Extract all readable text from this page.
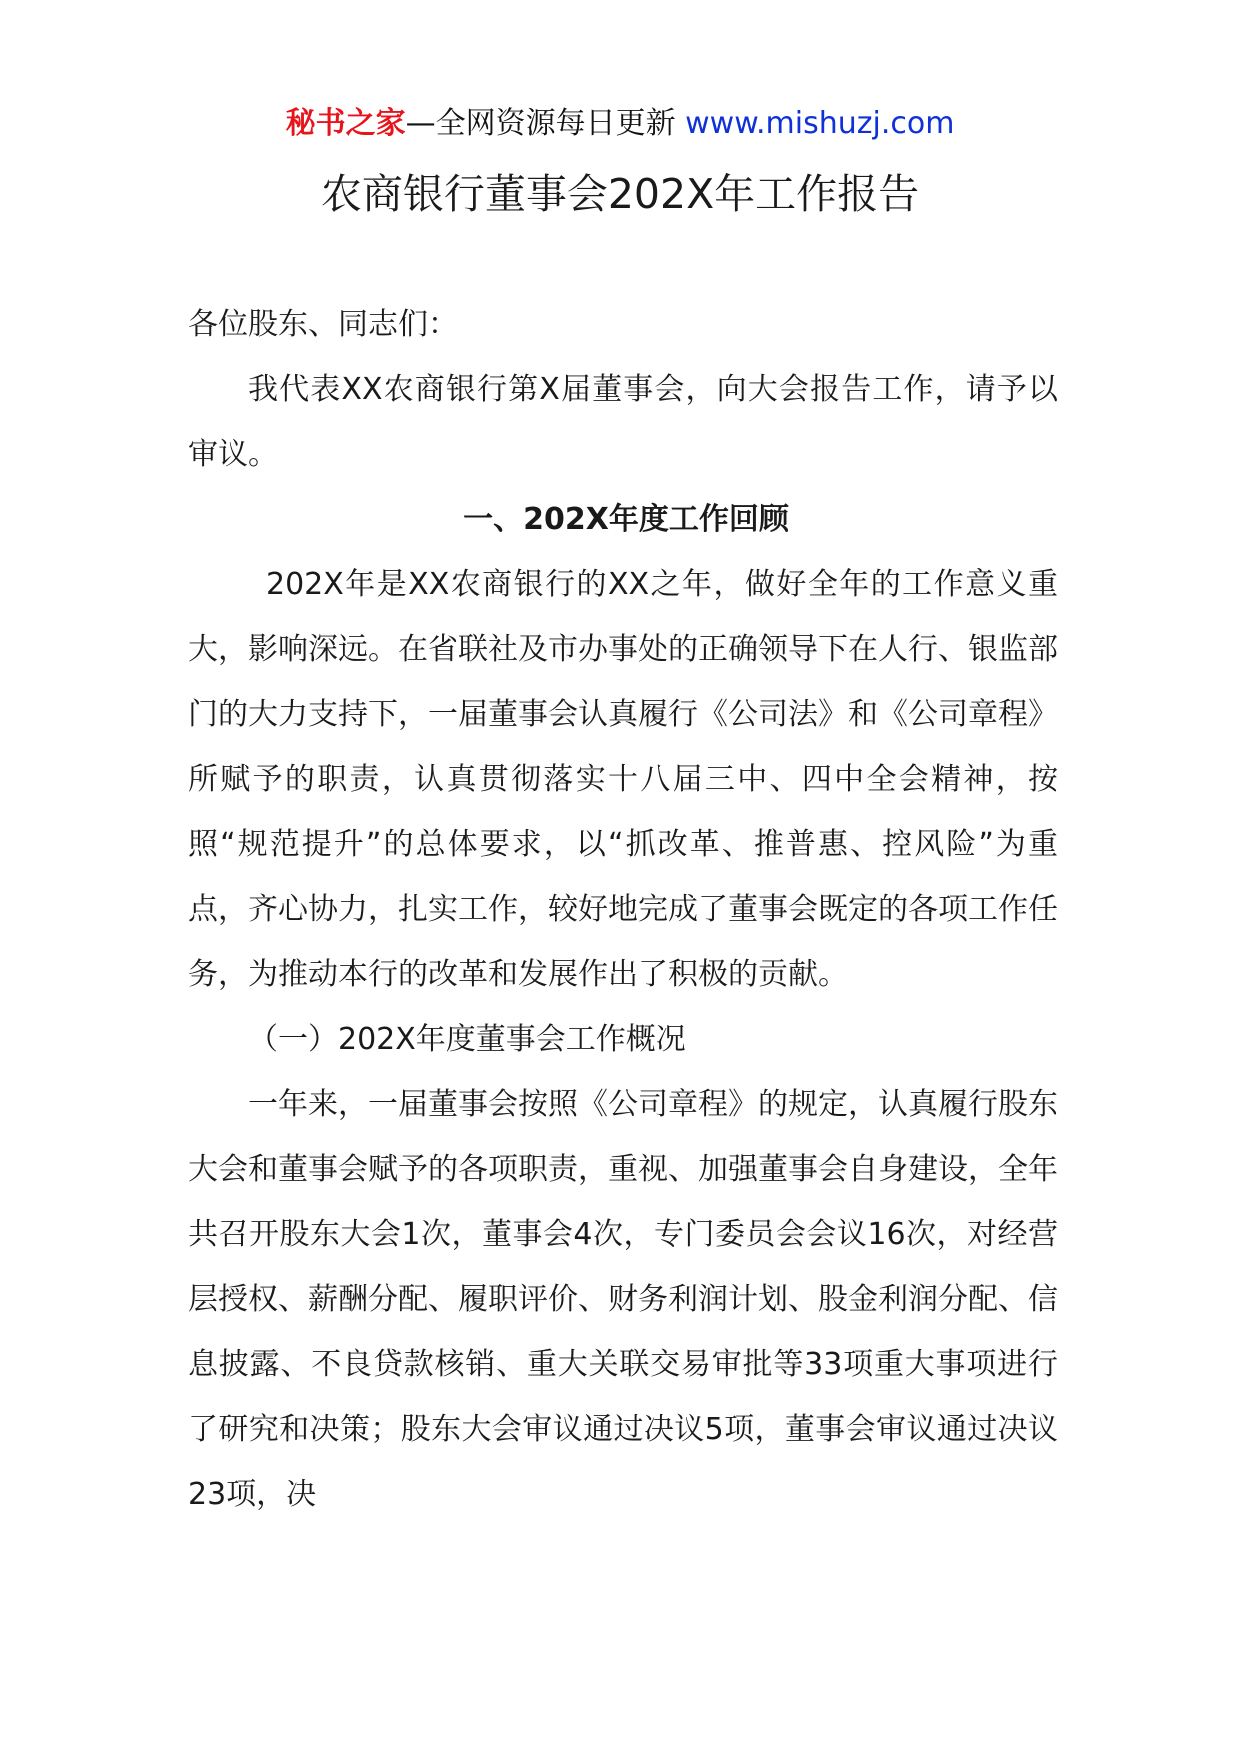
秘书之家—全网资源每日更新 www.mishuzj.com
农商银行董事会202X年工作报告

各位股东、同志们：

我代表XX农商银行第X届董事会，向大会报告工作，请予以审议。

一、202X年度工作回顾

202X年是XX农商银行的XX之年，做好全年的工作意义重大，影响深远。在省联社及市办事处的正确领导下在人行、银监部门的大力支持下，一届董事会认真履行《公司法》和《公司章程》所赋予的职责，认真贯彻落实十八届三中、四中全会精神，按照“规范提升”的总体要求，以“抓改革、推普惠、控风险”为重点，齐心协力，扎实工作，较好地完成了董事会既定的各项工作任务，为推动本行的改革和发展作出了积极的贡献。

（一）202X年度董事会工作概况

一年来，一届董事会按照《公司章程》的规定，认真履行股东大会和董事会赋予的各项职责，重视、加强董事会自身建设，全年共召开股东大会1次，董事会4次，专门委员会会议16次，对经营层授权、薪酬分配、履职评价、财务利润计划、股金利润分配、信息披露、不良贷款核销、重大关联交易审批等33项重大事项进行了研究和决策；股东大会审议通过决议5项，董事会审议通过决议23项，决
